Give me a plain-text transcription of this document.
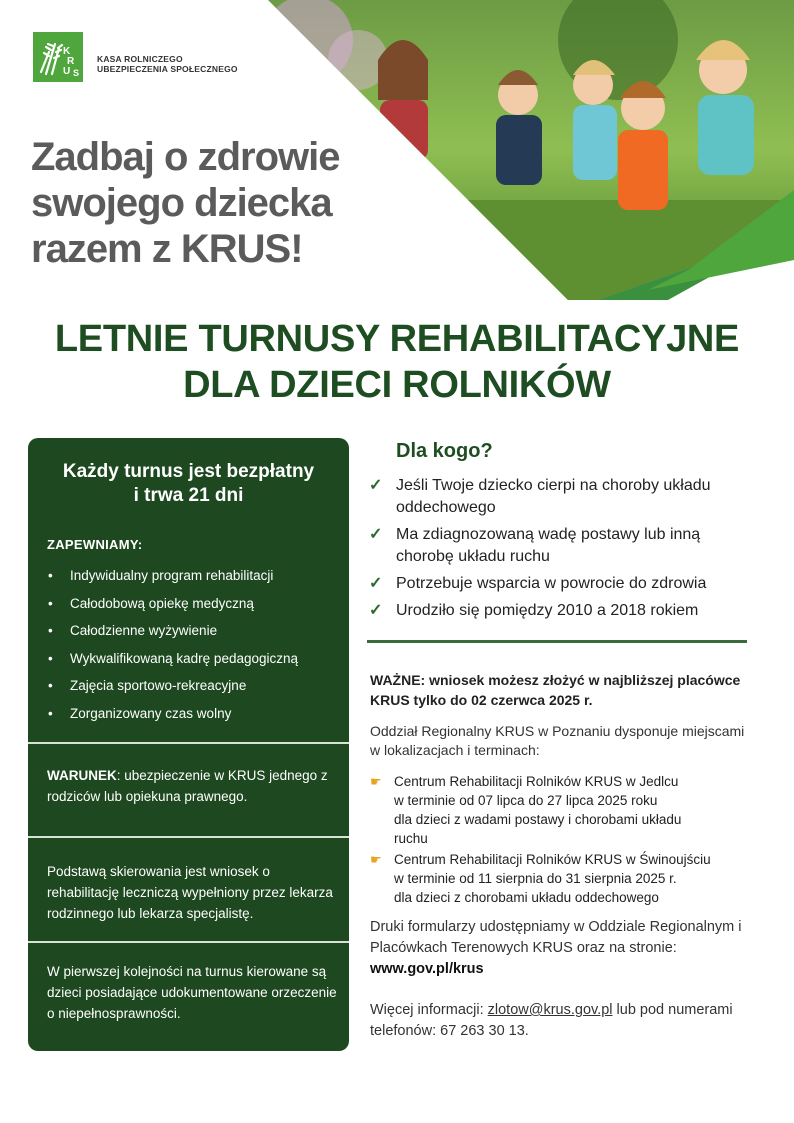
K
R
U S
KASA ROLNICZEGO
UBEZPIECZENIA SPOŁECZNEGO
Zadbaj o zdrowie
swojego dziecka
razem z KRUS!
LETNIE TURNUSY REHABILITACYJNE
DLA DZIECI ROLNIKÓW
Każdy turnus jest bezpłatny
i trwa 21 dni
ZAPEWNIAMY:
• Indywidualny program rehabilitacji
• Całodobową opiekę medyczną
• Całodzienne wyżywienie
• Wykwalifikowaną kadrę pedagogiczną
• Zajęcia sportowo-rekreacyjne
• Zorganizowany czas wolny
WARUNEK: ubezpieczenie w KRUS jednego z rodziców lub opiekuna prawnego.
Podstawą skierowania jest wniosek o rehabilitację leczniczą wypełniony przez lekarza rodzinnego lub lekarza specjalistę.
W pierwszej kolejności na turnus kierowane są dzieci posiadające udokumentowane orzeczenie o niepełnosprawności.
Dla kogo?
✓ Jeśli Twoje dziecko cierpi na choroby układu oddechowego
✓ Ma zdiagnozowaną wadę postawy lub inną chorobę układu ruchu
✓ Potrzebuje wsparcia w powrocie do zdrowia
✓ Urodziło się pomiędzy 2010 a 2018 rokiem
WAŻNE: wniosek możesz złożyć w najbliższej placówce KRUS tylko do 02 czerwca 2025 r.
Oddział Regionalny KRUS w Poznaniu dysponuje miejscami w lokalizacjach i terminach:
☛ Centrum Rehabilitacji Rolników KRUS w Jedlcu
w terminie od 07 lipca do 27 lipca 2025 roku
dla dzieci z wadami postawy i chorobami układu
ruchu
☛ Centrum Rehabilitacji Rolników KRUS w Świnoujściu
w terminie od 11 sierpnia do 31 sierpnia 2025 r.
dla dzieci z chorobami układu oddechowego
Druki formularzy udostępniamy w Oddziale Regionalnym i Placówkach Terenowych KRUS oraz na stronie: www.gov.pl/krus
Więcej informacji: zlotow@krus.gov.pl lub pod numerami telefonów: 67 263 30 13.
